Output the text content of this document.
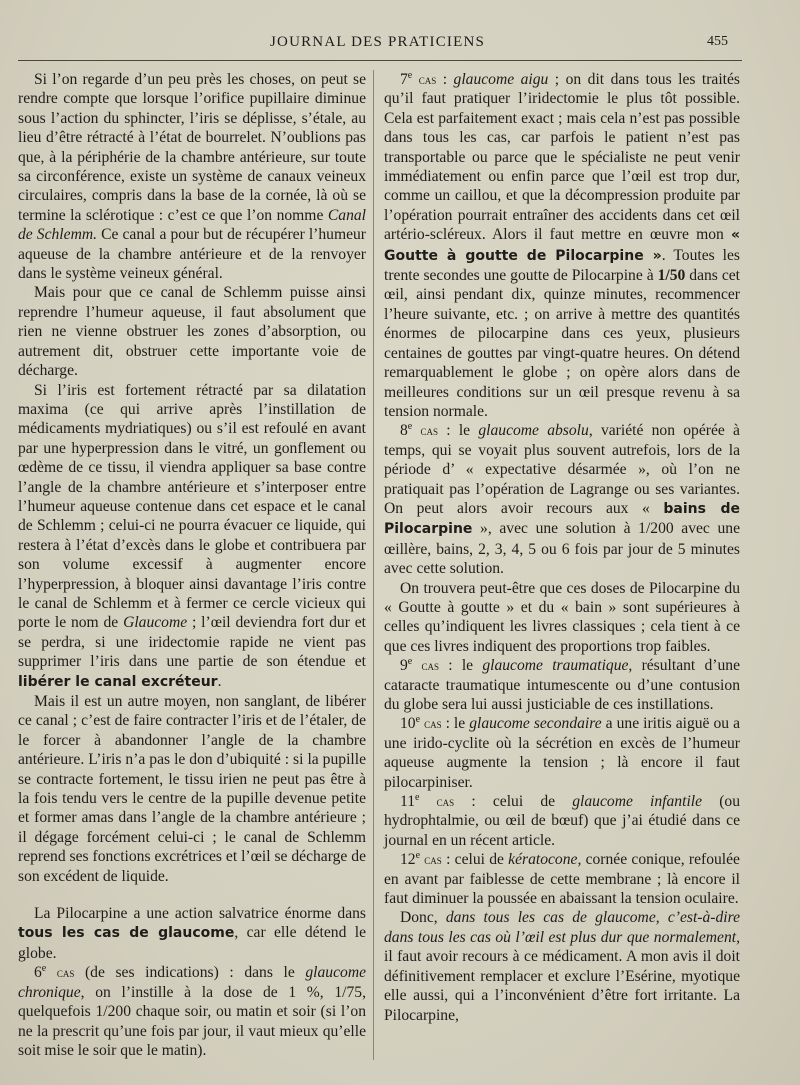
JOURNAL DES PRATICIENS	455

Si l’on regarde d’un peu près les choses, on peut se rendre compte que lorsque l’orifice pupillaire diminue sous l’action du sphincter, l’iris se déplisse, s’étale, au lieu d’être rétracté à l’état de bourrelet. N’oublions pas que, à la périphérie de la chambre antérieure, sur toute sa circonférence, existe un système de canaux veineux circulaires, compris dans la base de la cornée, là où se termine la sclérotique : c’est ce que l’on nomme Canal de Schlemm. Ce canal a pour but de récupérer l’humeur aqueuse de la chambre antérieure et de la renvoyer dans le système veineux général.

Mais pour que ce canal de Schlemm puisse ainsi reprendre l’humeur aqueuse, il faut absolument que rien ne vienne obstruer les zones d’absorption, ou autrement dit, obstruer cette importante voie de décharge.

Si l’iris est fortement rétracté par sa dilatation maxima (ce qui arrive après l’instillation de médicaments mydriatiques) ou s’il est refoulé en avant par une hyperpression dans le vitré, un gonflement ou œdème de ce tissu, il viendra appliquer sa base contre l’angle de la chambre antérieure et s’interposer entre l’humeur aqueuse contenue dans cet espace et le canal de Schlemm ; celui-ci ne pourra évacuer ce liquide, qui restera à l’état d’excès dans le globe et contribuera par son volume excessif à augmenter encore l’hyperpression, à bloquer ainsi davantage l’iris contre le canal de Schlemm et à fermer ce cercle vicieux qui porte le nom de Glaucome ; l’œil deviendra fort dur et se perdra, si une iridectomie rapide ne vient pas supprimer l’iris dans une partie de son étendue et libérer le canal excréteur.

Mais il est un autre moyen, non sanglant, de libérer ce canal ; c’est de faire contracter l’iris et de l’étaler, de le forcer à abandonner l’angle de la chambre antérieure. L’iris n’a pas le don d’ubiquité : si la pupille se contracte fortement, le tissu irien ne peut pas être à la fois tendu vers le centre de la pupille devenue petite et former amas dans l’angle de la chambre antérieure ; il dégage forcément celui-ci ; le canal de Schlemm reprend ses fonctions excrétrices et l’œil se décharge de son excédent de liquide.

La Pilocarpine a une action salvatrice énorme dans tous les cas de glaucome, car elle détend le globe.

6e cas (de ses indications) : dans le glaucome chronique, on l’instille à la dose de 1 %, 1/75, quelquefois 1/200 chaque soir, ou matin et soir (si l’on ne la prescrit qu’une fois par jour, il vaut mieux qu’elle soit mise le soir que le matin).

7e cas : glaucome aigu ; on dit dans tous les traités qu’il faut pratiquer l’iridectomie le plus tôt possible. Cela est parfaitement exact ; mais cela n’est pas possible dans tous les cas, car parfois le patient n’est pas transportable ou parce que le spécialiste ne peut venir immédiatement ou enfin parce que l’œil est trop dur, comme un caillou, et que la décompression produite par l’opération pourrait entraîner des accidents dans cet œil artério-scléreux. Alors il faut mettre en œuvre mon « Goutte à goutte de Pilocarpine ». Toutes les trente secondes une goutte de Pilocarpine à 1/50 dans cet œil, ainsi pendant dix, quinze minutes, recommencer l’heure suivante, etc. ; on arrive à mettre des quantités énormes de pilocarpine dans ces yeux, plusieurs centaines de gouttes par vingt-quatre heures. On détend remarquablement le globe ; on opère alors dans de meilleures conditions sur un œil presque revenu à sa tension normale.

8e cas : le glaucome absolu, variété non opérée à temps, qui se voyait plus souvent autrefois, lors de la période d’ « expectative désarmée », où l’on ne pratiquait pas l’opération de Lagrange ou ses variantes. On peut alors avoir recours aux « bains de Pilocarpine », avec une solution à 1/200 avec une œillère, bains, 2, 3, 4, 5 ou 6 fois par jour de 5 minutes avec cette solution.

On trouvera peut-être que ces doses de Pilocarpine du « Goutte à goutte » et du « bain » sont supérieures à celles qu’indiquent les livres classiques ; cela tient à ce que ces livres indiquent des proportions trop faibles.

9e cas : le glaucome traumatique, résultant d’une cataracte traumatique intumescente ou d’une contusion du globe sera lui aussi justiciable de ces instillations.

10e cas : le glaucome secondaire a une iritis aiguë ou a une irido-cyclite où la sécrétion en excès de l’humeur aqueuse augmente la tension ; là encore il faut pilocarpiniser.

11e cas : celui de glaucome infantile (ou hydrophtalmie, ou œil de bœuf) que j’ai étudié dans ce journal en un récent article.

12e cas : celui de kératocone, cornée conique, refoulée en avant par faiblesse de cette membrane ; là encore il faut diminuer la poussée en abaissant la tension oculaire.

Donc, dans tous les cas de glaucome, c’est-à-dire dans tous les cas où l’œil est plus dur que normalement, il faut avoir recours à ce médicament. A mon avis il doit définitivement remplacer et exclure l’Esérine, myotique elle aussi, qui a l’inconvénient d’être fort irritante. La Pilocarpine,
